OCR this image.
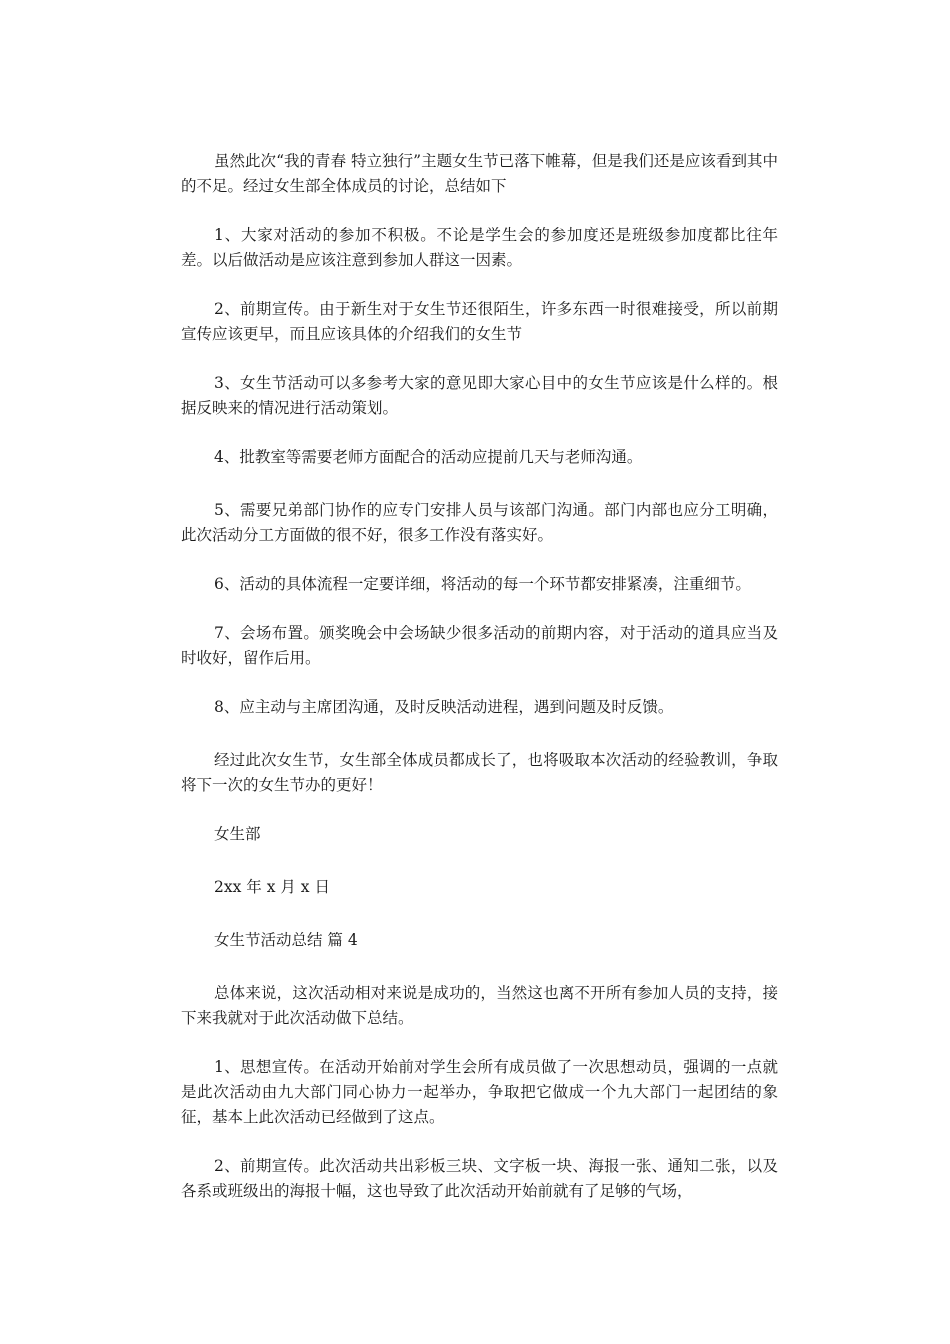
虽然此次“我的青春 特立独行”主题女生节已落下帷幕，但是我们还是应该看到其中的不足。经过女生部全体成员的讨论，总结如下

1、大家对活动的参加不积极。不论是学生会的参加度还是班级参加度都比往年差。以后做活动是应该注意到参加人群这一因素。

2、前期宣传。由于新生对于女生节还很陌生，许多东西一时很难接受，所以前期宣传应该更早，而且应该具体的介绍我们的女生节

3、女生节活动可以多参考大家的意见即大家心目中的女生节应该是什么样的。根据反映来的情况进行活动策划。

4、批教室等需要老师方面配合的活动应提前几天与老师沟通。

5、需要兄弟部门协作的应专门安排人员与该部门沟通。部门内部也应分工明确，此次活动分工方面做的很不好，很多工作没有落实好。

6、活动的具体流程一定要详细，将活动的每一个环节都安排紧凑，注重细节。

7、会场布置。颁奖晚会中会场缺少很多活动的前期内容，对于活动的道具应当及时收好，留作后用。

8、应主动与主席团沟通，及时反映活动进程，遇到问题及时反馈。

经过此次女生节，女生部全体成员都成长了，也将吸取本次活动的经验教训，争取将下一次的女生节办的更好！

女生部

2xx 年 x 月 x 日

女生节活动总结 篇 4

总体来说，这次活动相对来说是成功的，当然这也离不开所有参加人员的支持，接下来我就对于此次活动做下总结。

1、思想宣传。在活动开始前对学生会所有成员做了一次思想动员，强调的一点就是此次活动由九大部门同心协力一起举办，争取把它做成一个九大部门一起团结的象征，基本上此次活动已经做到了这点。

2、前期宣传。此次活动共出彩板三块、文字板一块、海报一张、通知二张，以及各系或班级出的海报十幅，这也导致了此次活动开始前就有了足够的气场，
